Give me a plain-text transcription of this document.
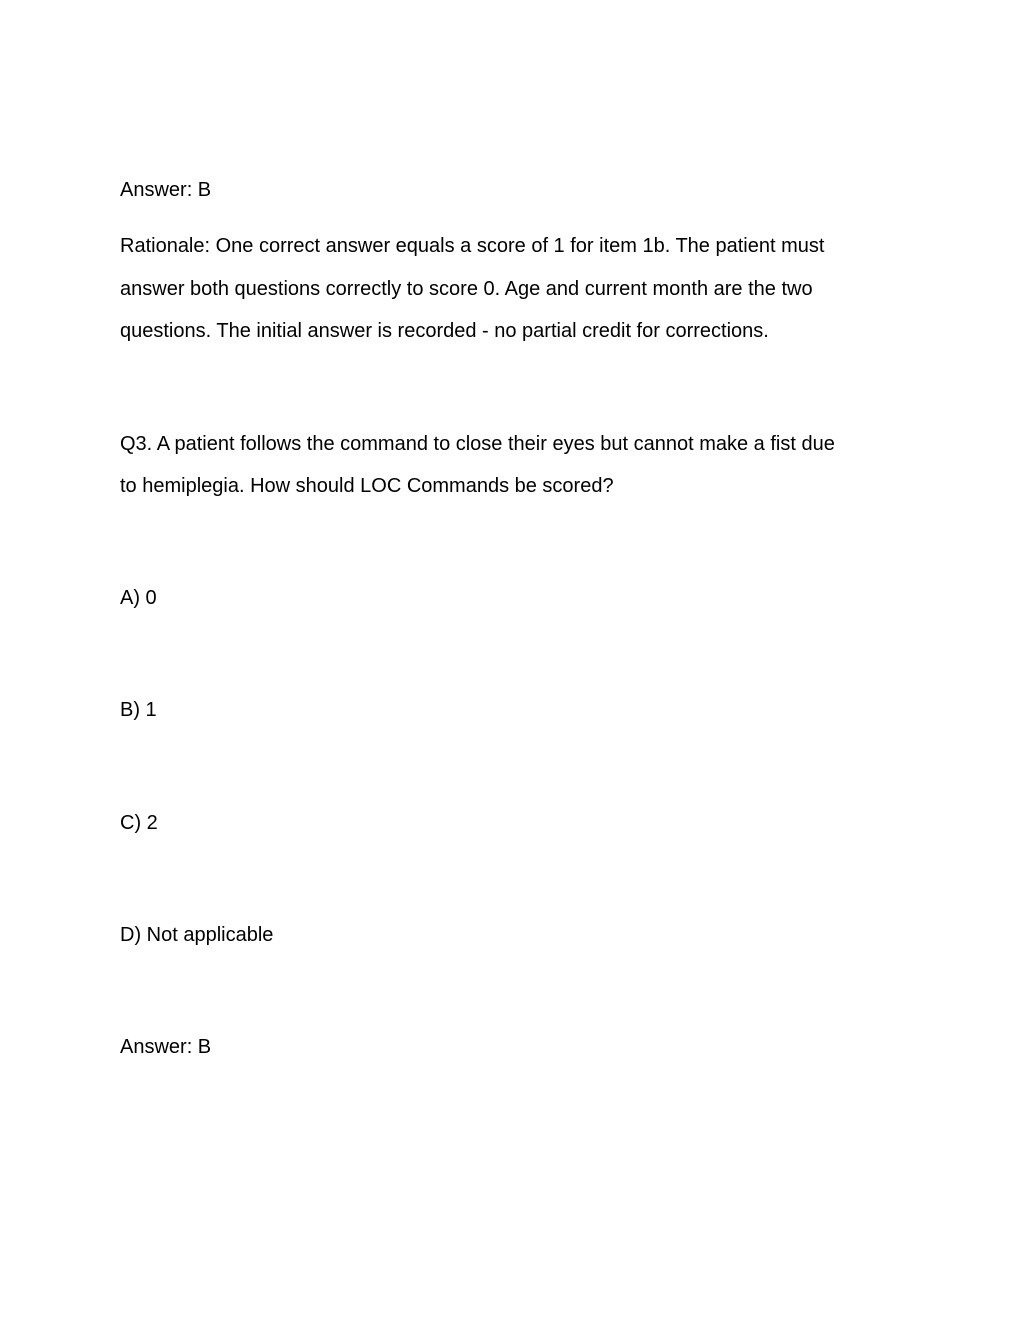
Answer: B
Rationale: One correct answer equals a score of 1 for item 1b. The patient must
answer both questions correctly to score 0. Age and current month are the two
questions. The initial answer is recorded - no partial credit for corrections.
Q3. A patient follows the command to close their eyes but cannot make a fist due
to hemiplegia. How should LOC Commands be scored?
A) 0
B) 1
C) 2
D) Not applicable
Answer: B
